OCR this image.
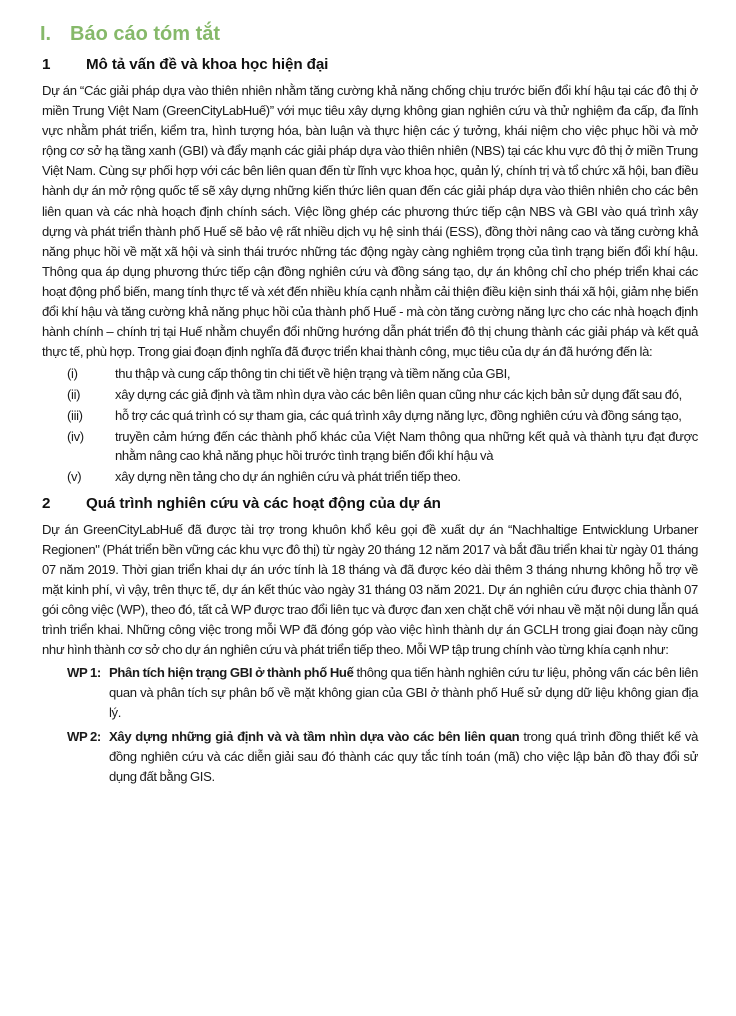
I. Báo cáo tóm tắt
1 Mô tả vấn đề và khoa học hiện đại

Dự án “Các giải pháp dựa vào thiên nhiên nhằm tăng cường khả năng chống chịu trước biến đổi khí hậu tại các đô thị ở miền Trung Việt Nam (GreenCityLabHuế)” với mục tiêu xây dựng không gian nghiên cứu và thử nghiệm đa cấp, đa lĩnh vực nhằm phát triển, kiểm tra, hình tượng hóa, bàn luận và thực hiện các ý tưởng, khái niệm cho việc phục hồi và mở rộng cơ sở hạ tầng xanh (GBI) và đẩy mạnh các giải pháp dựa vào thiên nhiên (NBS) tại các khu vực đô thị ở miền Trung Việt Nam. Cùng sự phối hợp với các bên liên quan đến từ lĩnh vực khoa học, quản lý, chính trị và tổ chức xã hội, ban điều hành dự án mở rộng quốc tế sẽ xây dựng những kiến thức liên quan đến các giải pháp dựa vào thiên nhiên cho các bên liên quan và các nhà hoạch định chính sách. Việc lồng ghép các phương thức tiếp cận NBS và GBI vào quá trình xây dựng và phát triển thành phố Huế sẽ bảo vệ rất nhiều dịch vụ hệ sinh thái (ESS), đồng thời nâng cao và tăng cường khả năng phục hồi về mặt xã hội và sinh thái trước những tác động ngày càng nghiêm trọng của tình trạng biến đổi khí hậu. Thông qua áp dụng phương thức tiếp cận đồng nghiên cứu và đồng sáng tạo, dự án không chỉ cho phép triển khai các hoạt động phổ biến, mang tính thực tế và xét đến nhiều khía cạnh nhằm cải thiện điều kiện sinh thái xã hội, giảm nhẹ biến đổi khí hậu và tăng cường khả năng phục hồi của thành phố Huế - mà còn tăng cường năng lực cho các nhà hoạch định hành chính – chính trị tại Huế nhằm chuyển đổi những hướng dẫn phát triển đô thị chung thành các giải pháp và kết quả thực tế, phù hợp. Trong giai đoạn định nghĩa đã được triển khai thành công, mục tiêu của dự án đã hướng đến là:

(i)	thu thập và cung cấp thông tin chi tiết về hiện trạng và tiềm năng của GBI,
(ii)	xây dựng các giả định và tầm nhìn dựa vào các bên liên quan cũng như các kịch bản sử dụng đất sau đó,
(iii) hỗ trợ các quá trình có sự tham gia, các quá trình xây dựng năng lực, đồng nghiên cứu và đồng sáng tạo,
(iv) truyền cảm hứng đến các thành phố khác của Việt Nam thông qua những kết quả và thành tựu đạt được nhằm nâng cao khả năng phục hồi trước tình trạng biến đổi khí hậu và
(v)	xây dựng nền tảng cho dự án nghiên cứu và phát triển tiếp theo.
2 Quá trình nghiên cứu và các hoạt động của dự án

Dự án GreenCityLabHuế đã được tài trợ trong khuôn khổ kêu gọi đề xuất dự án “Nachhaltige Entwicklung Urbaner Regionen" (Phát triển bền vững các khu vực đô thị) từ ngày 20 tháng 12 năm 2017 và bắt đầu triển khai từ ngày 01 tháng 07 năm 2019. Thời gian triển khai dự án ước tính là 18 tháng và đã được kéo dài thêm 3 tháng nhưng không hỗ trợ về mặt kinh phí, vì vậy, trên thực tế, dự án kết thúc vào ngày 31 tháng 03 năm 2021. Dự án nghiên cứu được chia thành 07 gói công việc (WP), theo đó, tất cả WP được trao đổi liên tục và được đan xen chặt chẽ với nhau về mặt nội dung lẫn quá trình triển khai. Những công việc trong mỗi WP đã đóng góp vào việc hình thành dự án GCLH trong giai đoạn này cũng như hình thành cơ sở cho dự án nghiên cứu và phát triển tiếp theo. Mỗi WP tập trung chính vào từng khía cạnh như:

WP 1: Phân tích hiện trạng GBI ở thành phố Huế thông qua tiến hành nghiên cứu tư liệu, phỏng vấn các bên liên quan và phân tích sự phân bố về mặt không gian của GBI ở thành phố Huế sử dụng dữ liệu không gian địa lý.
WP 2: Xây dựng những giả định và và tầm nhìn dựa vào các bên liên quan trong quá trình đồng thiết kế và đồng nghiên cứu và các diễn giải sau đó thành các quy tắc tính toán (mã) cho việc lập bản đồ thay đổi sử dụng đất bằng GIS.
